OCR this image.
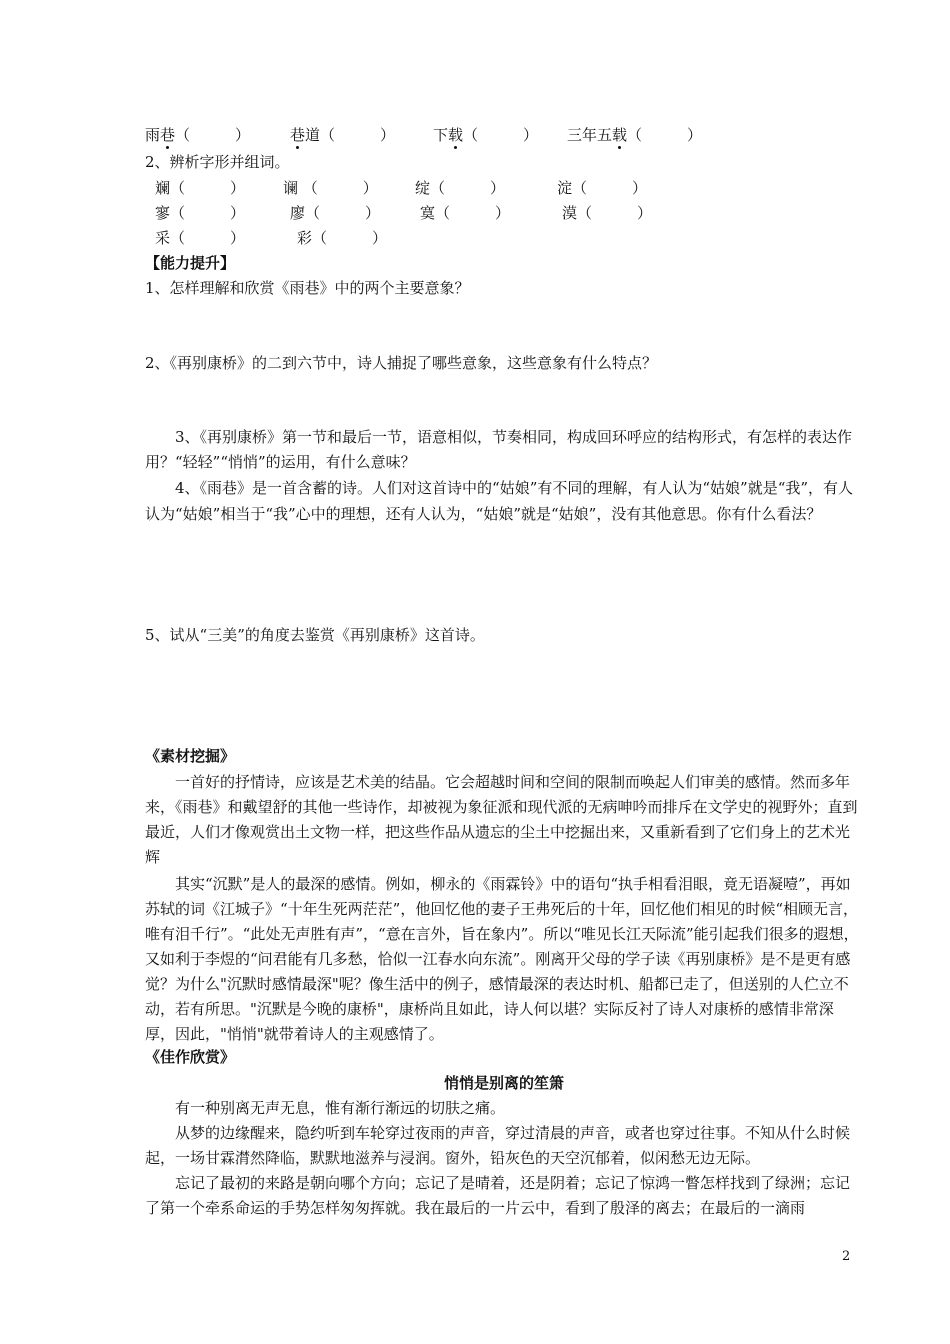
雨巷（　　　）	巷道（　　　）	下载（　　　） 三年五载（　　　）
2、辨析字形并组词。
斓（　　　）	谰 （　　　） 绽（　　　）	淀（　　　）
寥（　　　）	廖（　　　）	寞（　　　）	漠（　　　）
采（　　　）	彩（　　　）
【能力提升】
1、怎样理解和欣赏《雨巷》中的两个主要意象？
2、《再别康桥》的二到六节中，诗人捕捉了哪些意象，这些意象有什么特点？

3、《再别康桥》第一节和最后一节，语意相似，节奏相同，构成回环呼应的结构形式，有怎样的表达作用？“轻轻”“悄悄”的运用，有什么意味？

4、《雨巷》是一首含蓄的诗。人们对这首诗中的“姑娘”有不同的理解，有人认为“姑娘”就是“我”，有人认为“姑娘”相当于“我”心中的理想，还有人认为，“姑娘”就是“姑娘”，没有其他意思。你有什么看法？

5、试从“三美”的角度去鉴赏《再别康桥》这首诗。
《素材挖掘》

一首好的抒情诗，应该是艺术美的结晶。它会超越时间和空间的限制而唤起人们审美的感情。然而多年来，《雨巷》和戴望舒的其他一些诗作，却被视为象征派和现代派的无病呻吟而排斥在文学史的视野外；直到最近，人们才像观赏出土文物一样，把这些作品从遗忘的尘土中挖掘出来，又重新看到了它们身上的艺术光辉

其实“沉默”是人的最深的感情。例如，柳永的《雨霖铃》中的语句“执手相看泪眼，竟无语凝噎”，再如苏轼的词《江城子》“十年生死两茫茫”，他回忆他的妻子王弗死后的十年，回忆他们相见的时候“相顾无言，唯有泪千行”。“此处无声胜有声”，“意在言外，旨在象内”。所以“唯见长江天际流”能引起我们很多的遐想，又如利于李煜的“问君能有几多愁，恰似一江春水向东流”。刚离开父母的学子读《再别康桥》是不是更有感觉？为什么"沉默时感情最深"呢？像生活中的例子，感情最深的表达时机、船都已走了，但送别的人伫立不动，若有所思。"沉默是今晚的康桥"，康桥尚且如此，诗人何以堪？实际反衬了诗人对康桥的感情非常深厚，因此，"悄悄"就带着诗人的主观感情了。

《佳作欣赏》
悄悄是别离的笙箫

有一种别离无声无息，惟有渐行渐远的切肤之痛。

从梦的边缘醒来，隐约听到车轮穿过夜雨的声音，穿过清晨的声音，或者也穿过往事。不知从什么时候起，一场甘霖潸然降临，默默地滋养与浸润。窗外，铅灰色的天空沉郁着，似闲愁无边无际。

忘记了最初的来路是朝向哪个方向；忘记了是晴着，还是阴着；忘记了惊鸿一瞥怎样找到了绿洲；忘记了第一个牵系命运的手势怎样匆匆挥就。我在最后的一片云中，看到了殷泽的离去；在最后的一滴雨

2
